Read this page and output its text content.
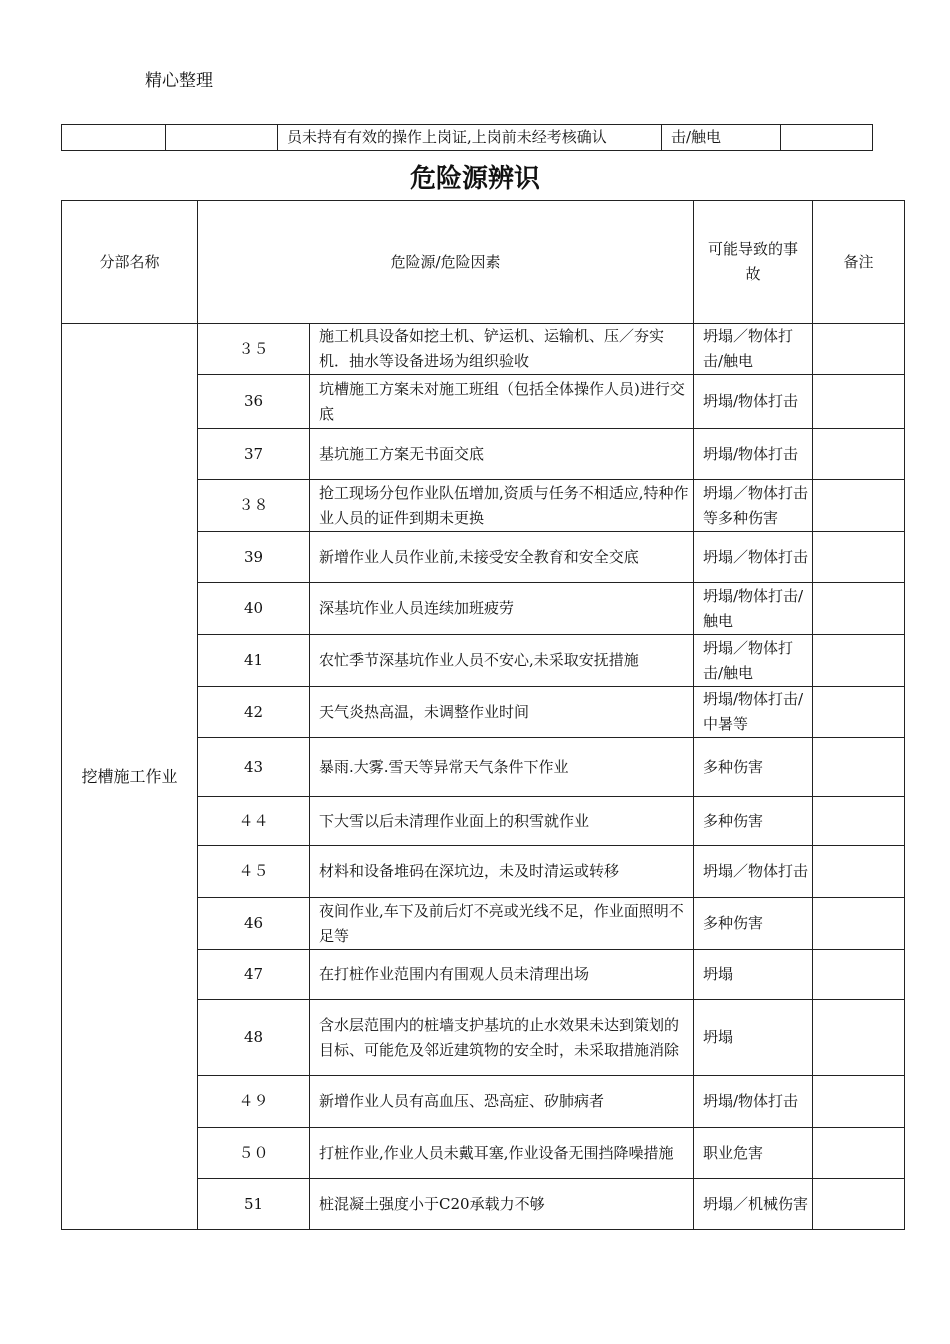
精心整理
		员未持有有效的操作上岗证,上岗前未经考核确认	击/触电	
危险源辨识
分部名称	危险源/危险因素		可能导致的事故	备注
挖槽施工作业	３５	施工机具设备如挖土机、铲运机、运输机、压／夯实机．抽水等设备进场为组织验收	坍塌／物体打击/触电	
	36	坑槽施工方案未对施工班组（包括全体操作人员)进行交底	坍塌/物体打击	
	37	基坑施工方案无书面交底	坍塌/物体打击	
	３８	抢工现场分包作业队伍增加,资质与任务不相适应,特种作业人员的证件到期未更换	坍塌／物体打击等多种伤害	
	39	新增作业人员作业前,未接受安全教育和安全交底	坍塌／物体打击	
	40	深基坑作业人员连续加班疲劳	坍塌/物体打击/触电	
	41	农忙季节深基坑作业人员不安心,未采取安抚措施	坍塌／物体打击/触电	
	42	天气炎热高温，未调整作业时间	坍塌/物体打击/中暑等	
	43	暴雨.大雾.雪天等异常天气条件下作业	多种伤害	
	４４	下大雪以后未清理作业面上的积雪就作业	多种伤害	
	４５	材料和设备堆码在深坑边，未及时清运或转移	坍塌／物体打击	
	46	夜间作业,车下及前后灯不亮或光线不足，作业面照明不足等	多种伤害	
	47	在打桩作业范围内有围观人员未清理出场	坍塌	
	48	含水层范围内的桩墙支护基坑的止水效果未达到策划的目标、可能危及邻近建筑物的安全时，未采取措施消除	坍塌	
	４９	新增作业人员有高血压、恐高症、矽肺病者	坍塌/物体打击	
	５０	打桩作业,作业人员未戴耳塞,作业设备无围挡降噪措施	职业危害	
	51	桩混凝土强度小于C20承载力不够	坍塌／机械伤害	
